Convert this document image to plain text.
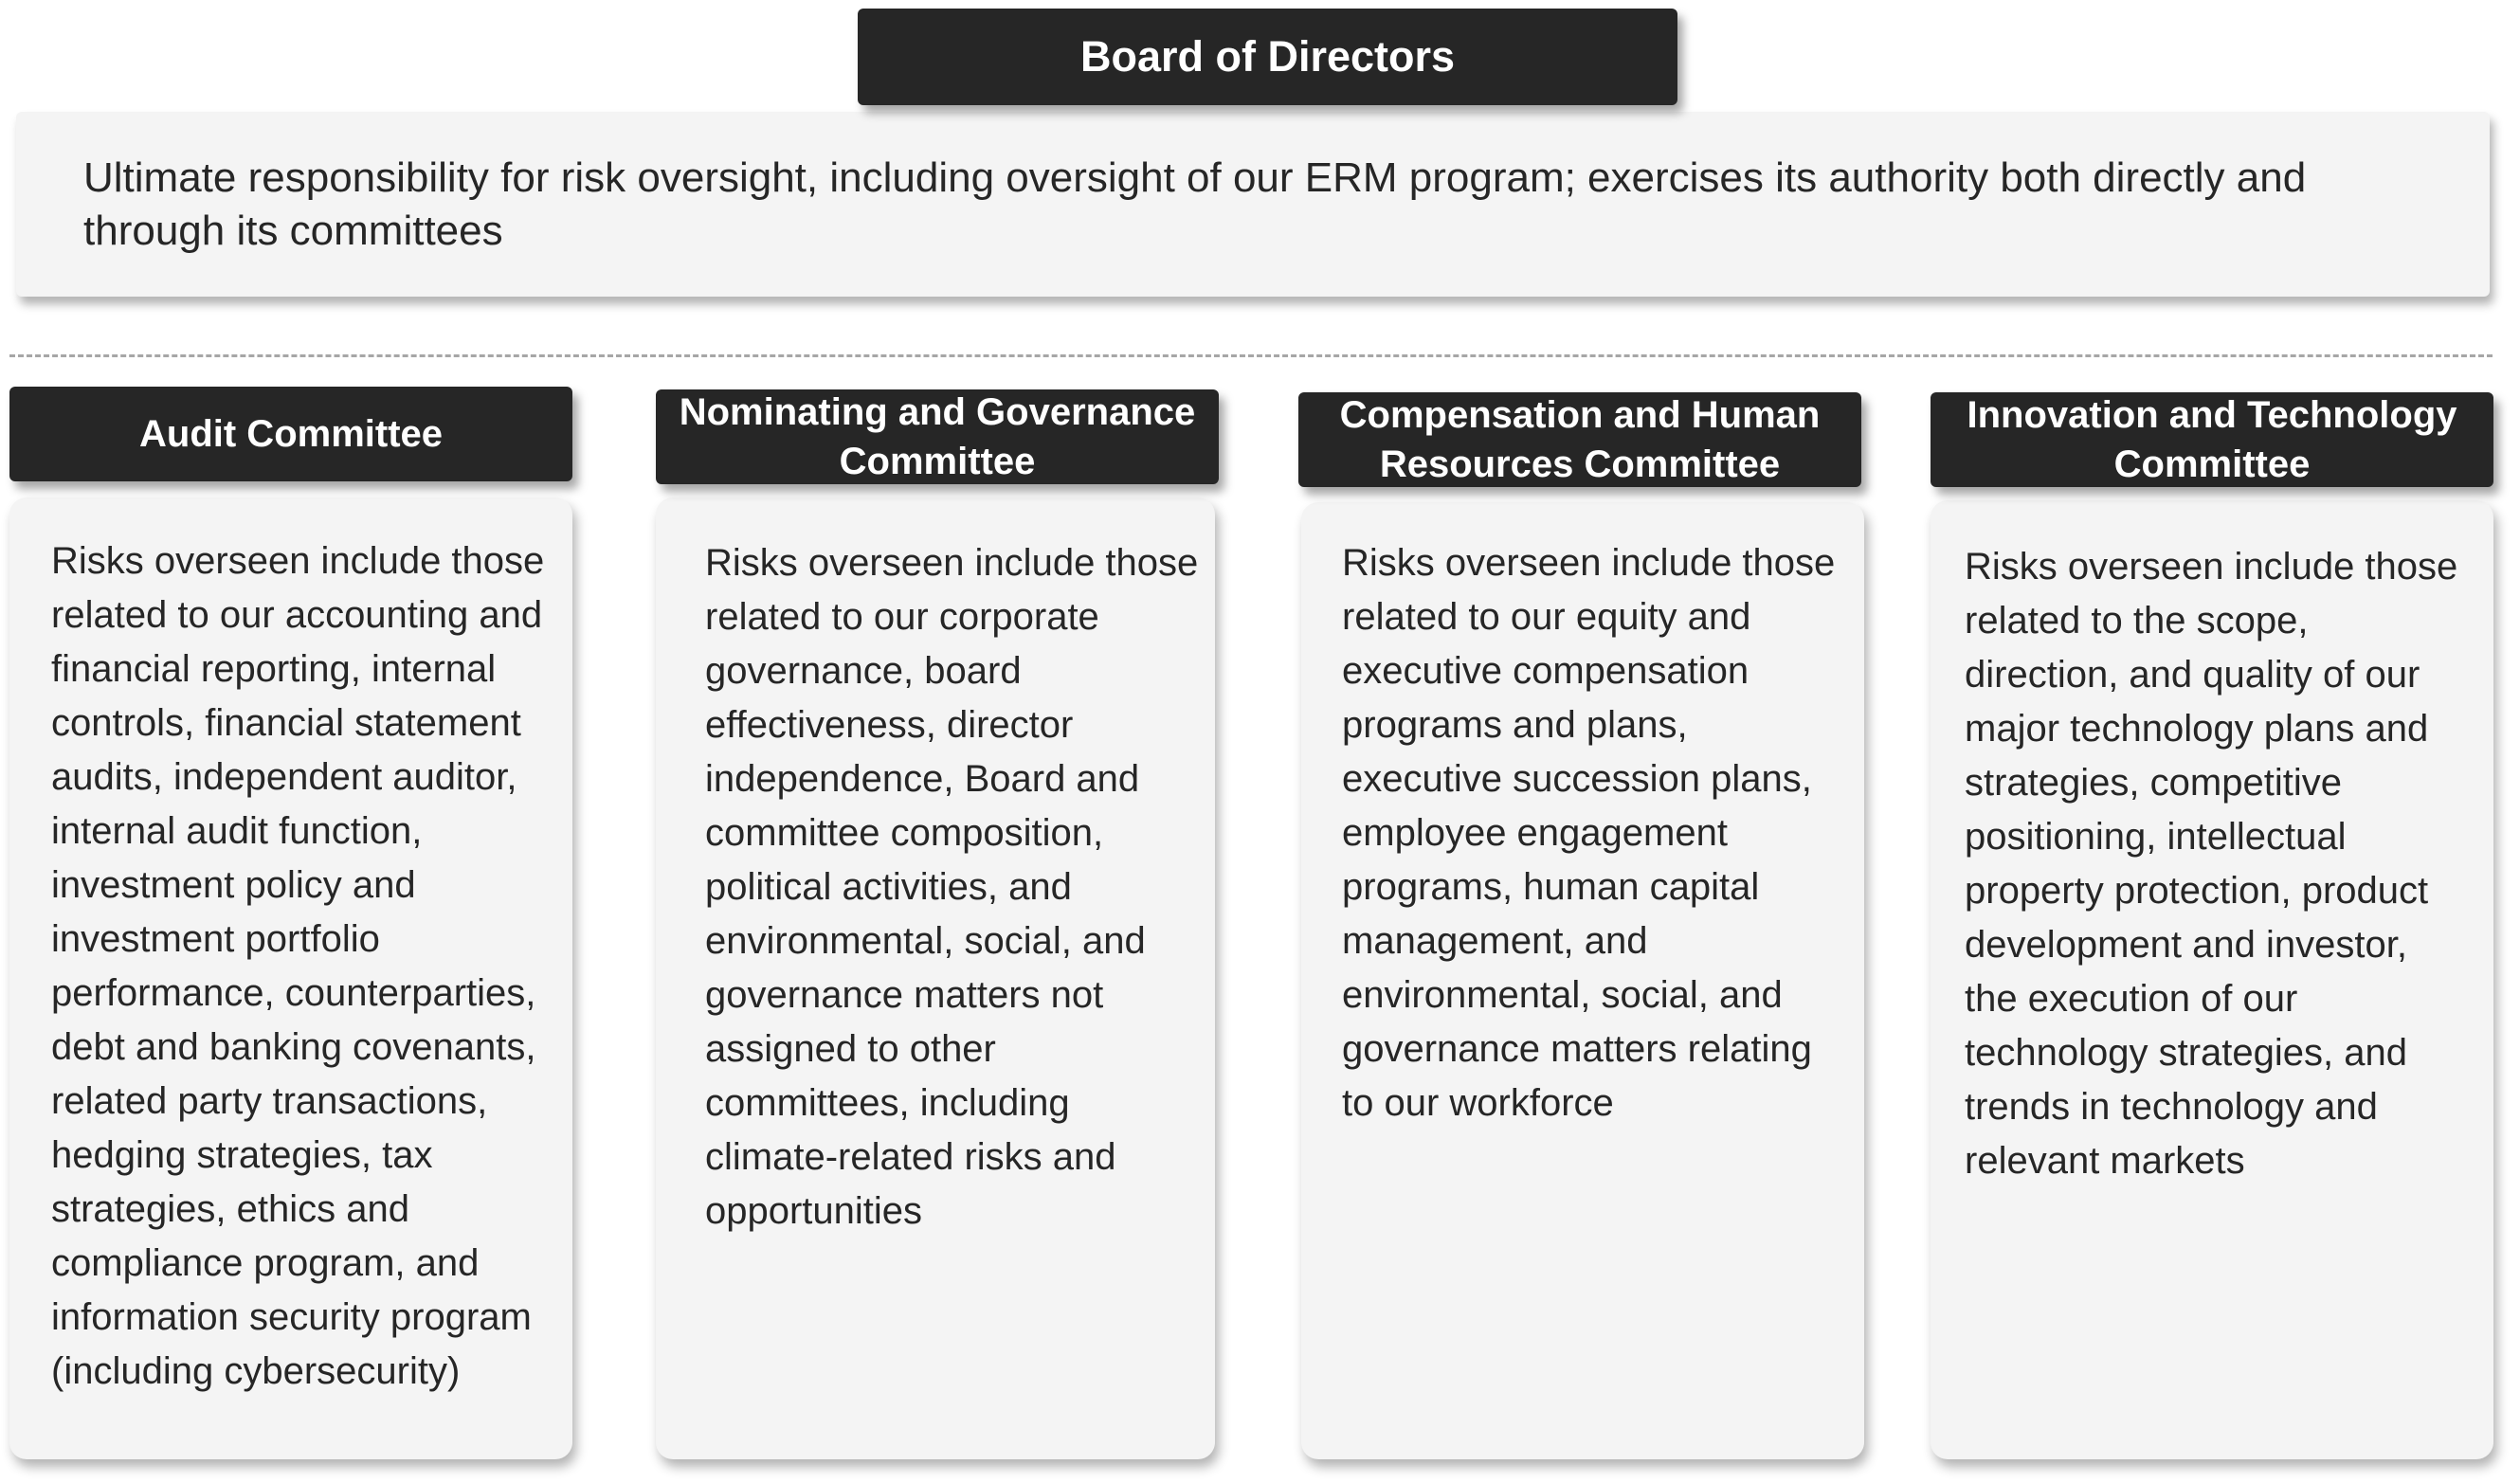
Board of Directors
Ultimate responsibility for risk oversight, including oversight of our ERM program; exercises its authority both directly and through its committees
Audit Committee
Risks overseen include those related to our accounting and financial reporting, internal controls, financial statement audits, independent auditor, internal audit function, investment policy and investment portfolio performance, counterparties, debt and banking covenants, related party transactions, hedging strategies, tax strategies, ethics and compliance program, and information security program (including cybersecurity)
Nominating and Governance Committee
Risks overseen include those related to our corporate governance, board effectiveness, director independence, Board and committee composition, political activities, and environmental, social, and governance matters not assigned to other committees, including climate-related risks and opportunities
Compensation and Human Resources Committee
Risks overseen include those related to our equity and executive compensation programs and plans, executive succession plans, employee engagement programs, human capital management, and environmental, social, and governance matters relating to our workforce
Innovation and Technology Committee
Risks overseen include those related to the scope, direction, and quality of our major technology plans and strategies, competitive positioning, intellectual property protection, product development and investor, the execution of our technology strategies, and trends in technology and relevant markets
